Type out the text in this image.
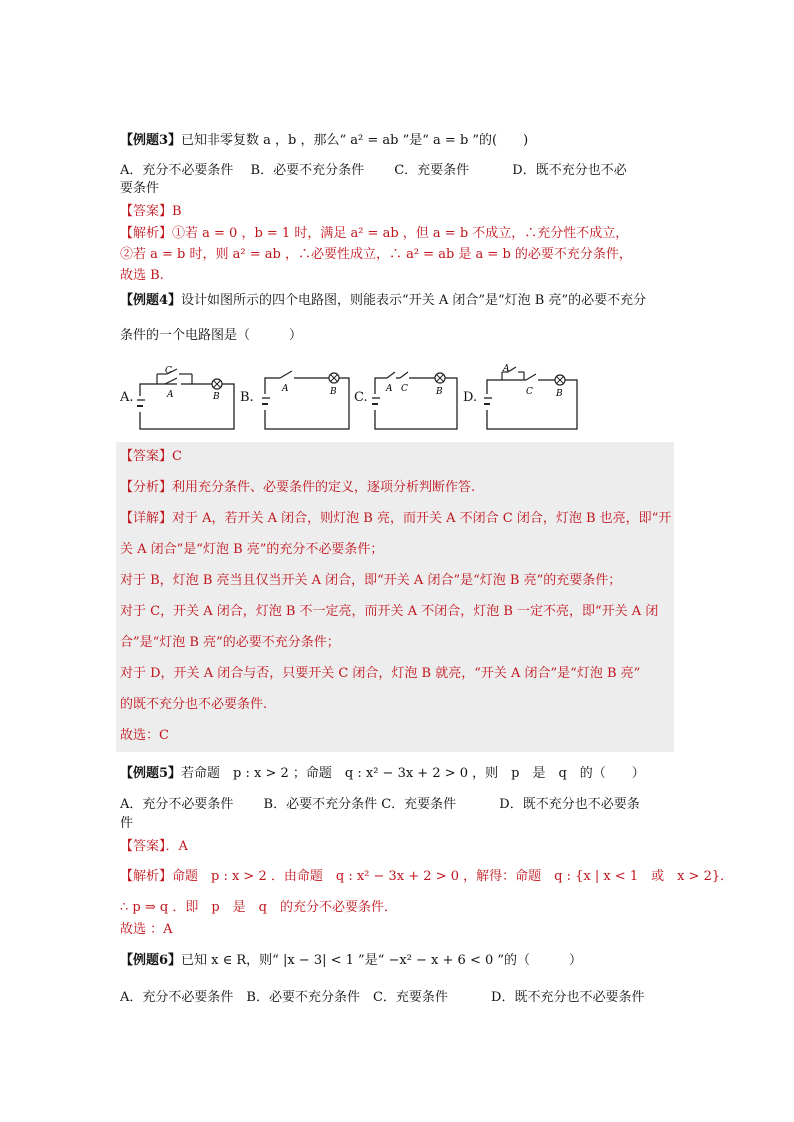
【例题3】已知非零复数 a ，b ，那么“ a² = ab ”是“ a = b ”的(　　)
A．充分不必要条件　 B．必要不充分条件　　 C．充要条件　　　 D．既不充分也不必
要条件
【答案】B
【解析】①若 a = 0 ，b = 1 时，满足 a² = ab ，但 a = b 不成立，∴充分性不成立，
②若 a = b 时，则 a² = ab ，∴必要性成立，∴ a² = ab 是 a = b 的必要不充分条件，
故选 B.
【例题4】设计如图所示的四个电路图，则能表示“开关 A 闭合”是“灯泡 B 亮”的必要不充分
条件的一个电路图是（　　　）
A.
C
A	B B.
A	B C.
A C	B D.
A
C	B
【答案】C
【分析】利用充分条件、必要条件的定义，逐项分析判断作答.
【详解】对于 A，若开关 A 闭合，则灯泡 B 亮，而开关 A 不闭合 C 闭合，灯泡 B 也亮，即“开
关 A 闭合”是“灯泡 B 亮”的充分不必要条件；
对于 B，灯泡 B 亮当且仅当开关 A 闭合，即“开关 A 闭合”是“灯泡 B 亮”的充要条件；
对于 C，开关 A 闭合，灯泡 B 不一定亮，而开关 A 不闭合，灯泡 B 一定不亮，即“开关 A 闭
合”是“灯泡 B 亮”的必要不充分条件；
对于 D，开关 A 闭合与否，只要开关 C 闭合，灯泡 B 就亮，“开关 A 闭合”是“灯泡 B 亮”
的既不充分也不必要条件.
故选：C
【例题5】若命题　p : x > 2 ；命题　q : x² − 3x + 2 > 0 ，则　p　是　q　的（　　）
A．充分不必要条件　　 B．必要不充分条件 C．充要条件　　　 D．既不充分也不必要条
件
【答案】．A
【解析】命题　p : x > 2 ．由命题　q : x² − 3x + 2 > 0 ，解得：命题　q : {x | x < 1　或　x > 2}．
∴ p ⇒ q ．即　p　是　q　的充分不必要条件．
故选 ：A
【例题6】已知 x ∈ R，则“ |x − 3| < 1 ”是“ −x² − x + 6 < 0 ”的（　　　）
A．充分不必要条件　B．必要不充分条件　C．充要条件　　　 D．既不充分也不必要条件
